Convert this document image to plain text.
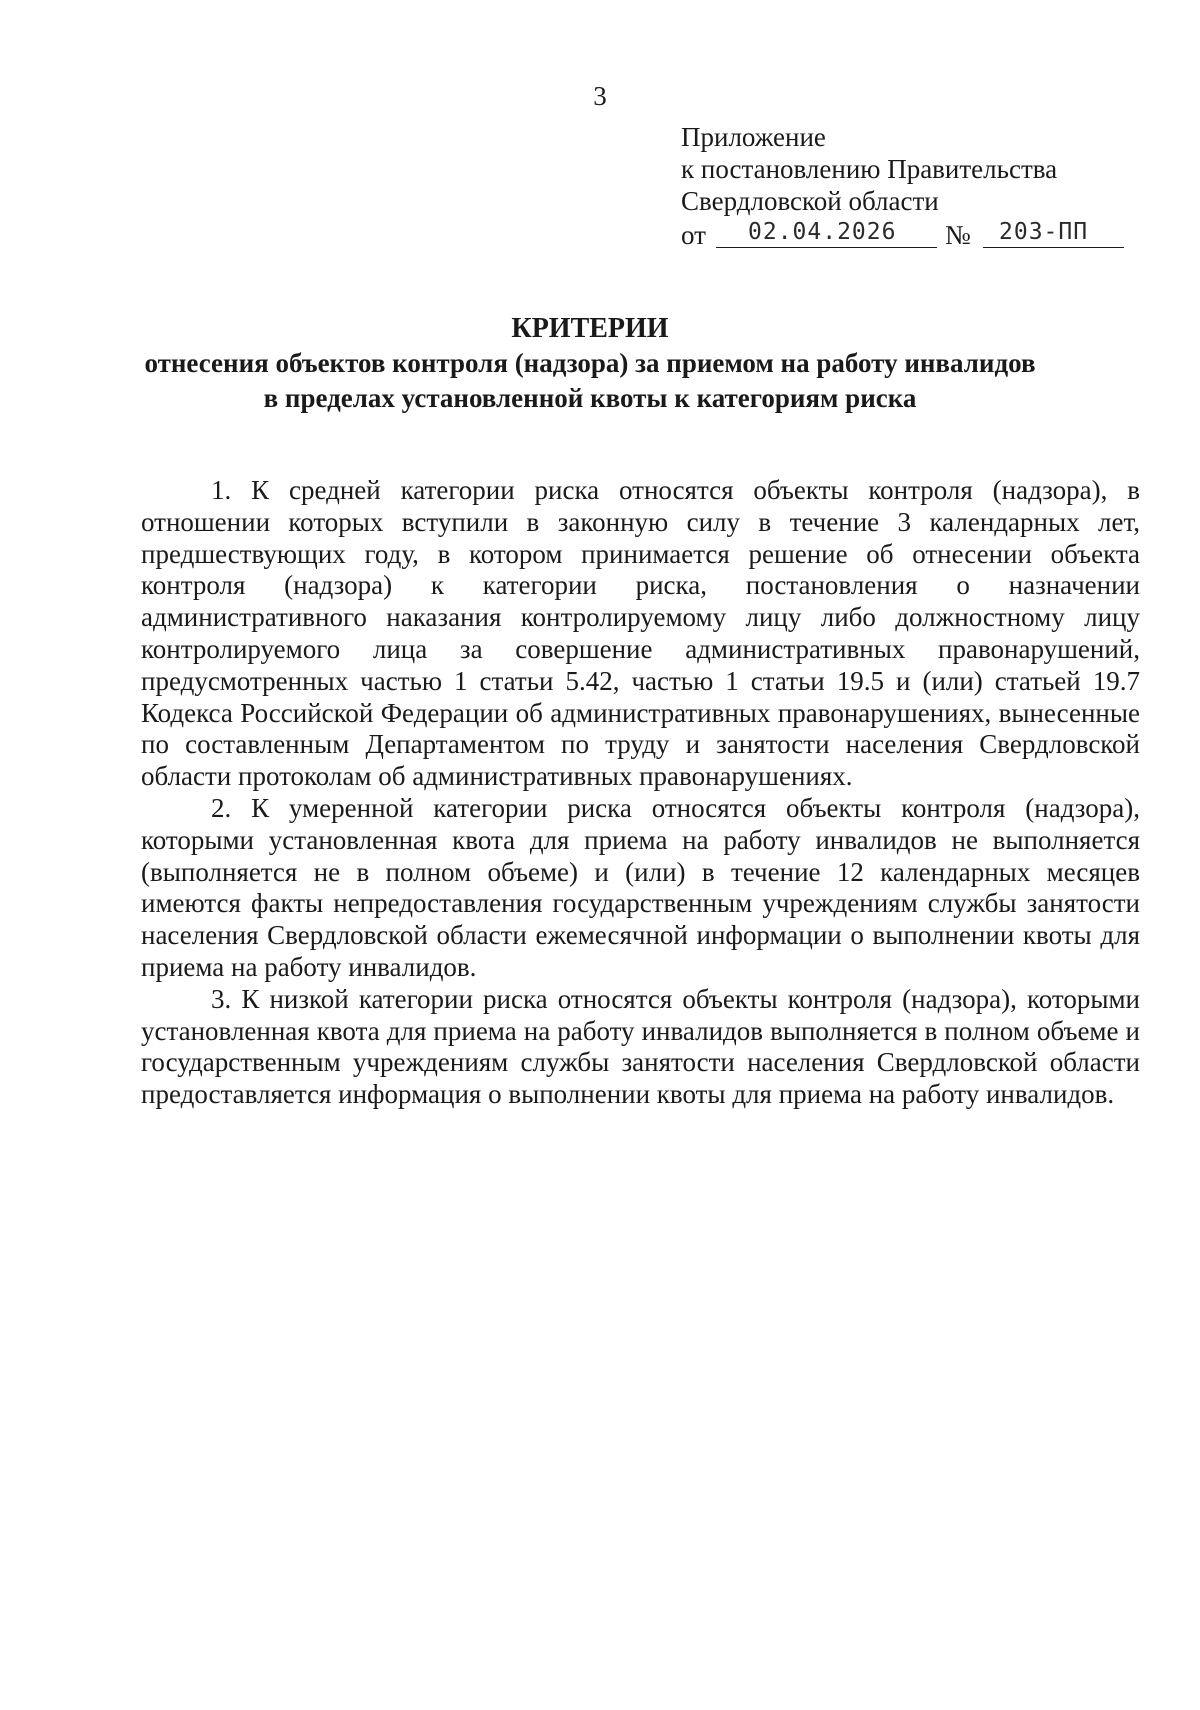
3
Приложение
к постановлению Правительства
Свердловской области
от	02.04.2026	№	203-ПП
КРИТЕРИИ
отнесения объектов контроля (надзора) за приемом на работу инвалидов
в пределах установленной квоты к категориям риска

1. К средней категории риска относятся объекты контроля (надзора), в отношении которых вступили в законную силу в течение 3 календарных лет, предшествующих году, в котором принимается решение об отнесении объекта контроля (надзора) к категории риска, постановления о назначении административного наказания контролируемому лицу либо должностному лицу контролируемого лица за совершение административных правонарушений, предусмотренных частью 1 статьи 5.42, частью 1 статьи 19.5 и (или) статьей 19.7 Кодекса Российской Федерации об административных правонарушениях, вынесенные по составленным Департаментом по труду и занятости населения Свердловской области протоколам об административных правонарушениях.

2. К умеренной категории риска относятся объекты контроля (надзора), которыми установленная квота для приема на работу инвалидов не выполняется (выполняется не в полном объеме) и (или) в течение 12 календарных месяцев имеются факты непредоставления государственным учреждениям службы занятости населения Свердловской области ежемесячной информации о выполнении квоты для приема на работу инвалидов.

3. К низкой категории риска относятся объекты контроля (надзора), которыми установленная квота для приема на работу инвалидов выполняется в полном объеме и государственным учреждениям службы занятости населения Свердловской области предоставляется информация о выполнении квоты для приема на работу инвалидов.
